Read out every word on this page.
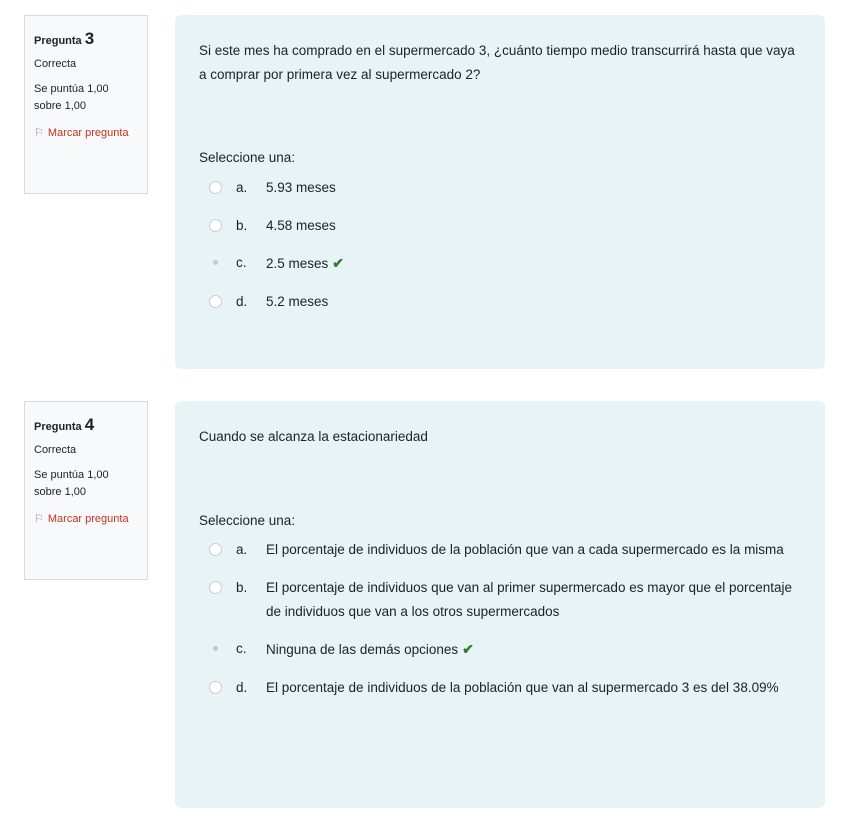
Pregunta 3
Correcta
Se puntúa 1,00 sobre 1,00
⚐ Marcar pregunta

Si este mes ha comprado en el supermercado 3, ¿cuánto tiempo medio transcurrirá hasta que vaya a comprar por primera vez al supermercado 2?

Seleccione una:
a.	5.93 meses
b.	4.58 meses
c.	2.5 meses ✔
d.	5.2 meses
Pregunta 4
Correcta
Se puntúa 1,00 sobre 1,00
⚐ Marcar pregunta

Cuando se alcanza la estacionariedad

Seleccione una:
a.	El porcentaje de individuos de la población que van a cada supermercado es la misma
b.	El porcentaje de individuos que van al primer supermercado es mayor que el porcentaje de individuos que van a los otros supermercados
c.	Ninguna de las demás opciones ✔
d.	El porcentaje de individuos de la población que van al supermercado 3 es del 38.09%
